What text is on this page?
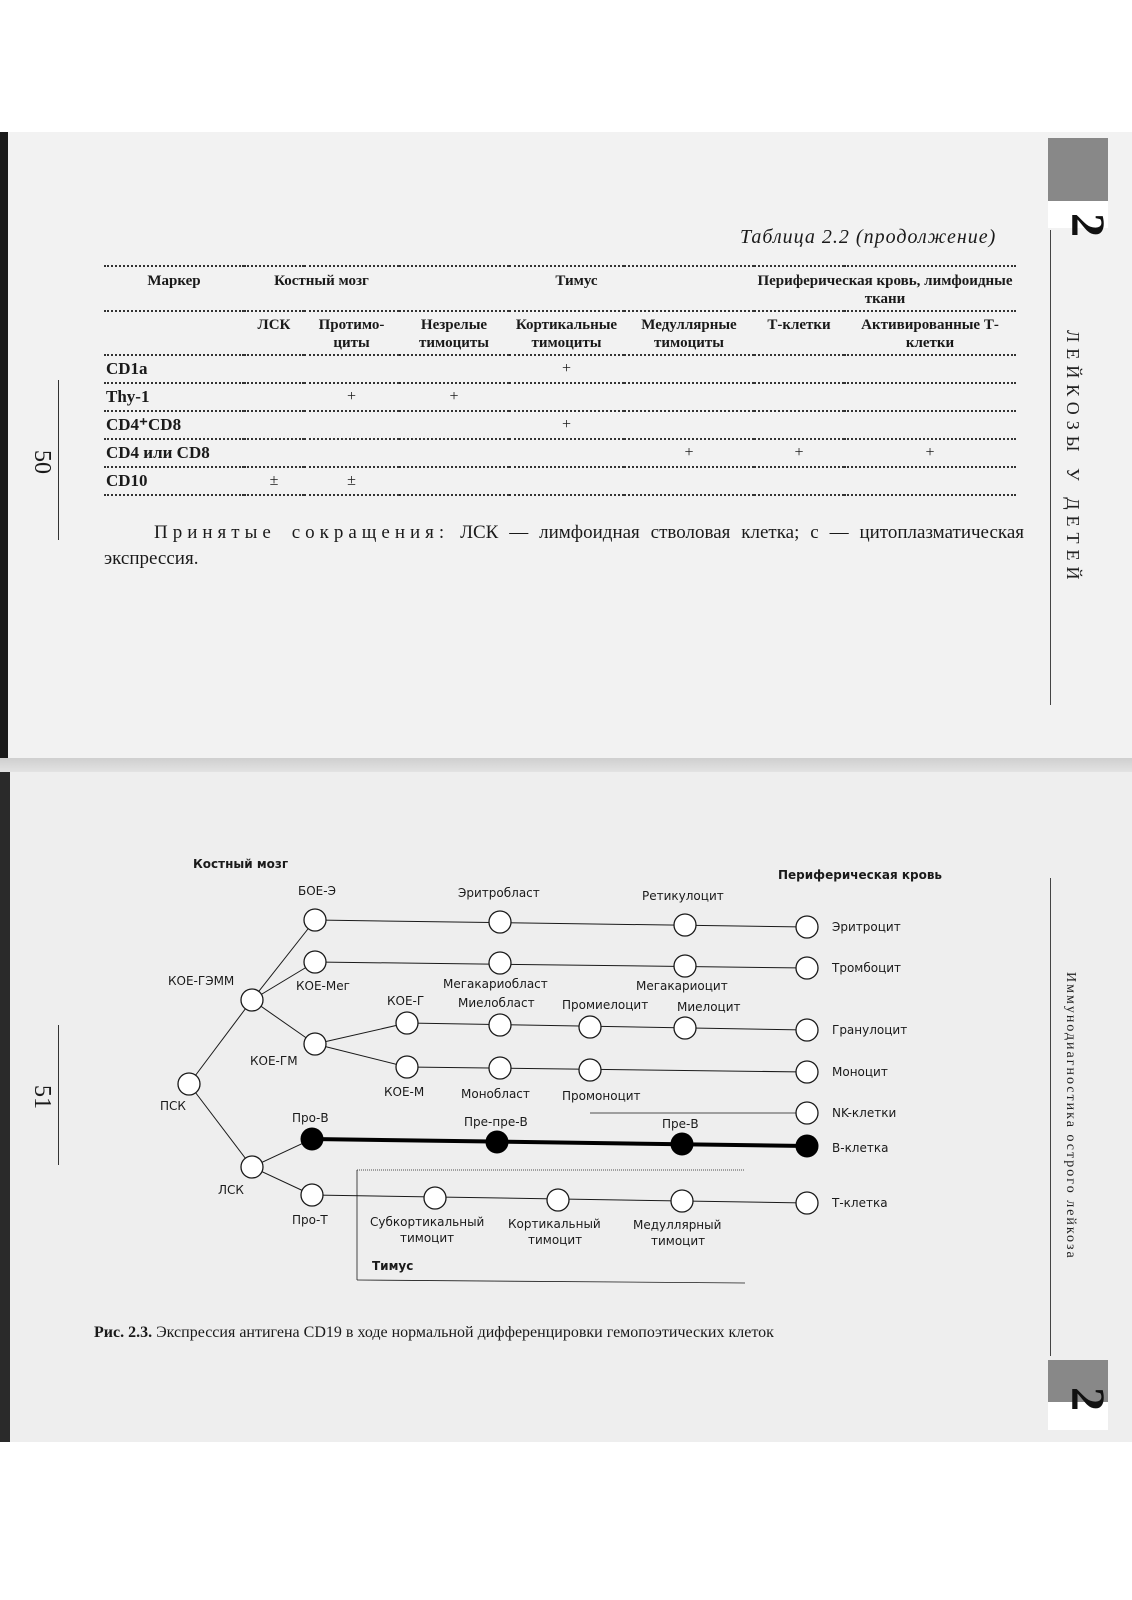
2
ЛЕЙКОЗЫ У ДЕТЕЙ
50
Таблица 2.2 (продолжение)
Маркер	Костный мозг		Тимус			Периферическая кровь, лимфоидные ткани	
	ЛСК	Протимо-циты	Незрелые тимоциты	Кортикальные тимоциты	Медуллярные тимоциты	Т-клетки	Активированные Т-клетки
CD1a				+			
Thy-1		+	+				
CD4⁺CD8				+			
CD4 или CD8					+	+	+
CD10	±	±					

Принятые сокращения: ЛСК — лимфоидная стволовая клетка; с — цитоплазматическая экспрессия.

2
Иммунодиагностика острого лейкоза
51
Костный мозг
Периферическая кровь
Тимус
ПСК
КОЕ-ГЭММ
ЛСК
БОЕ-Э
КОЕ-Мег
КОЕ-ГМ
КОЕ-Г
КОЕ-М
Эритробласт	Ретикулоцит
Эритроцит
Мегакариобласт	Мегакариоцит
Тромбоцит
Миелобласт Промиелоцит Миелоцит
Гранулоцит
Монобласт	Промоноцит
Моноцит
NK-клетки
Про-В	Пре-пре-В	Пре-В
В-клетка
Про-Т	Субкортикальный
тимоцит
Кортикальный
тимоцит
Медуллярный
тимоцит
Т-клетка

Рис. 2.3. Экспрессия антигена CD19 в ходе нормальной дифференцировки гемопоэтических клеток
